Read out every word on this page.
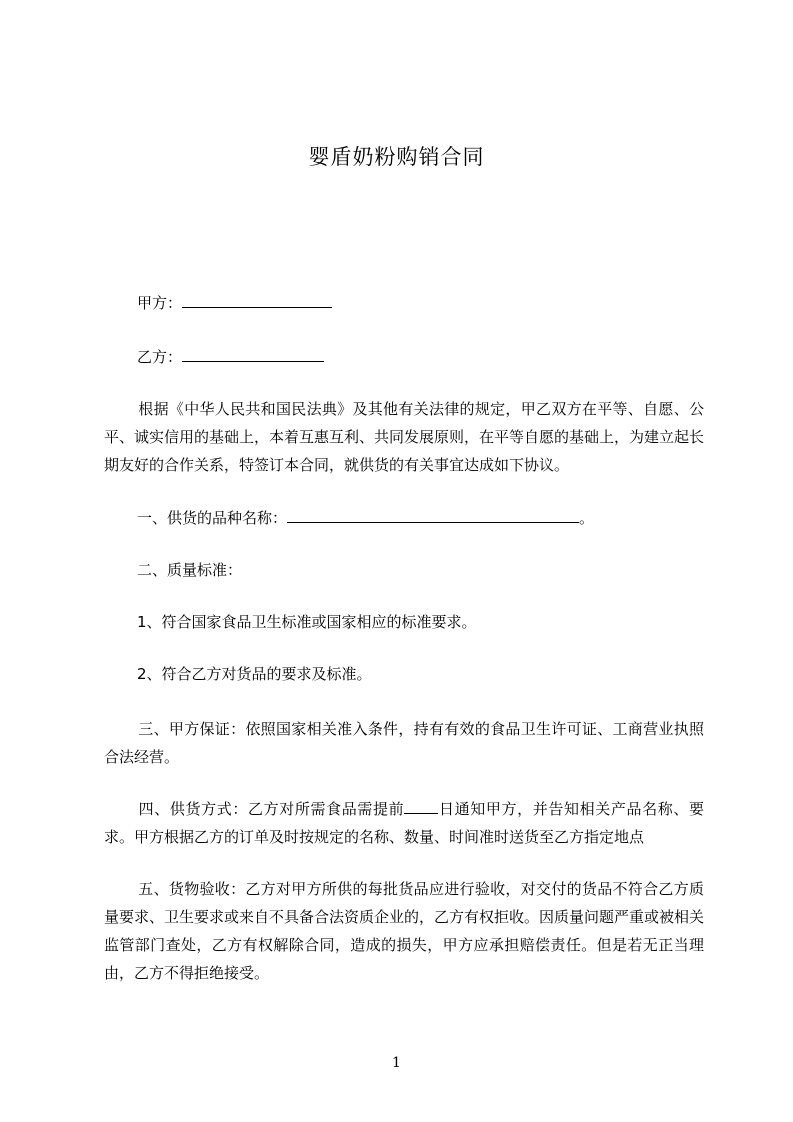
婴盾奶粉购销合同
甲方：
乙方：
根据《中华人民共和国民法典》及其他有关法律的规定，甲乙双方在平等、自愿、公平、诚实信用的基础上，本着互惠互利、共同发展原则，在平等自愿的基础上，为建立起长期友好的合作关系，特签订本合同，就供货的有关事宜达成如下协议。
一、供货的品种名称：	。
二、质量标准：
1、符合国家食品卫生标准或国家相应的标准要求。
2、符合乙方对货品的要求及标准。
三、甲方保证：依照国家相关准入条件，持有有效的食品卫生许可证、工商营业执照合法经营。
四、供货方式：乙方对所需食品需提前 日通知甲方，并告知相关产品名称、要求。甲方根据乙方的订单及时按规定的名称、数量、时间准时送货至乙方指定地点
五、货物验收：乙方对甲方所供的每批货品应进行验收，对交付的货品不符合乙方质量要求、卫生要求或来自不具备合法资质企业的，乙方有权拒收。因质量问题严重或被相关监管部门查处，乙方有权解除合同，造成的损失，甲方应承担赔偿责任。但是若无正当理由，乙方不得拒绝接受。
1
